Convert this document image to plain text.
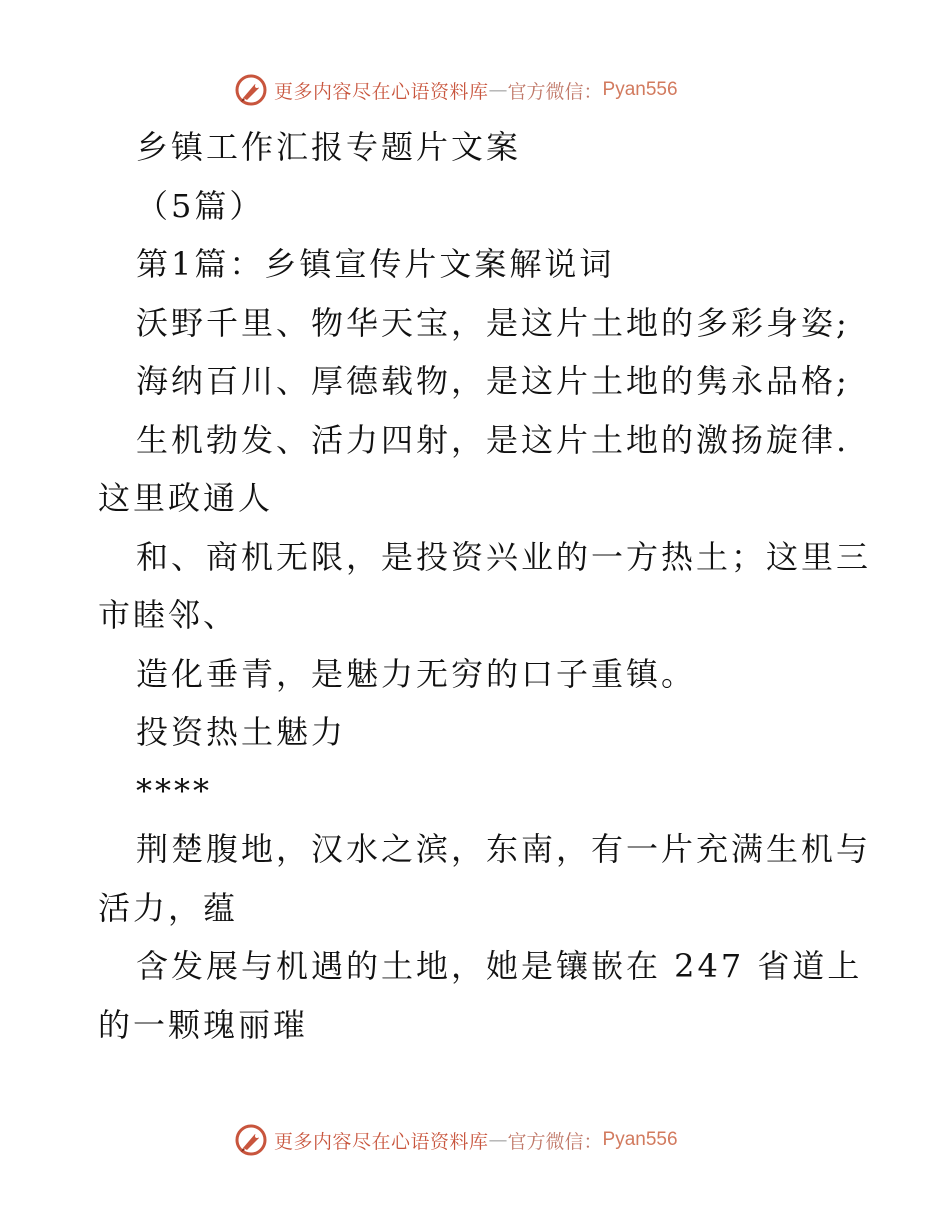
更多内容尽在心语资料库 — 官方微信： Pyan556
乡镇工作汇报专题片文案
（5篇）
第1篇：乡镇宣传片文案解说词
沃野千里、物华天宝，是这片土地的多彩身姿;
海纳百川、厚德载物，是这片土地的隽永品格;
生机勃发、活力四射，是这片土地的激扬旋律.
这里政通人
和、商机无限，是投资兴业的一方热土；这里三
市睦邻、
造化垂青，是魅力无穷的口子重镇。
投资热土魅力
****
荆楚腹地，汉水之滨，东南，有一片充满生机与
活力，蕴
含发展与机遇的土地，她是镶嵌在 247 省道上
的一颗瑰丽璀
更多内容尽在心语资料库 — 官方微信： Pyan556
